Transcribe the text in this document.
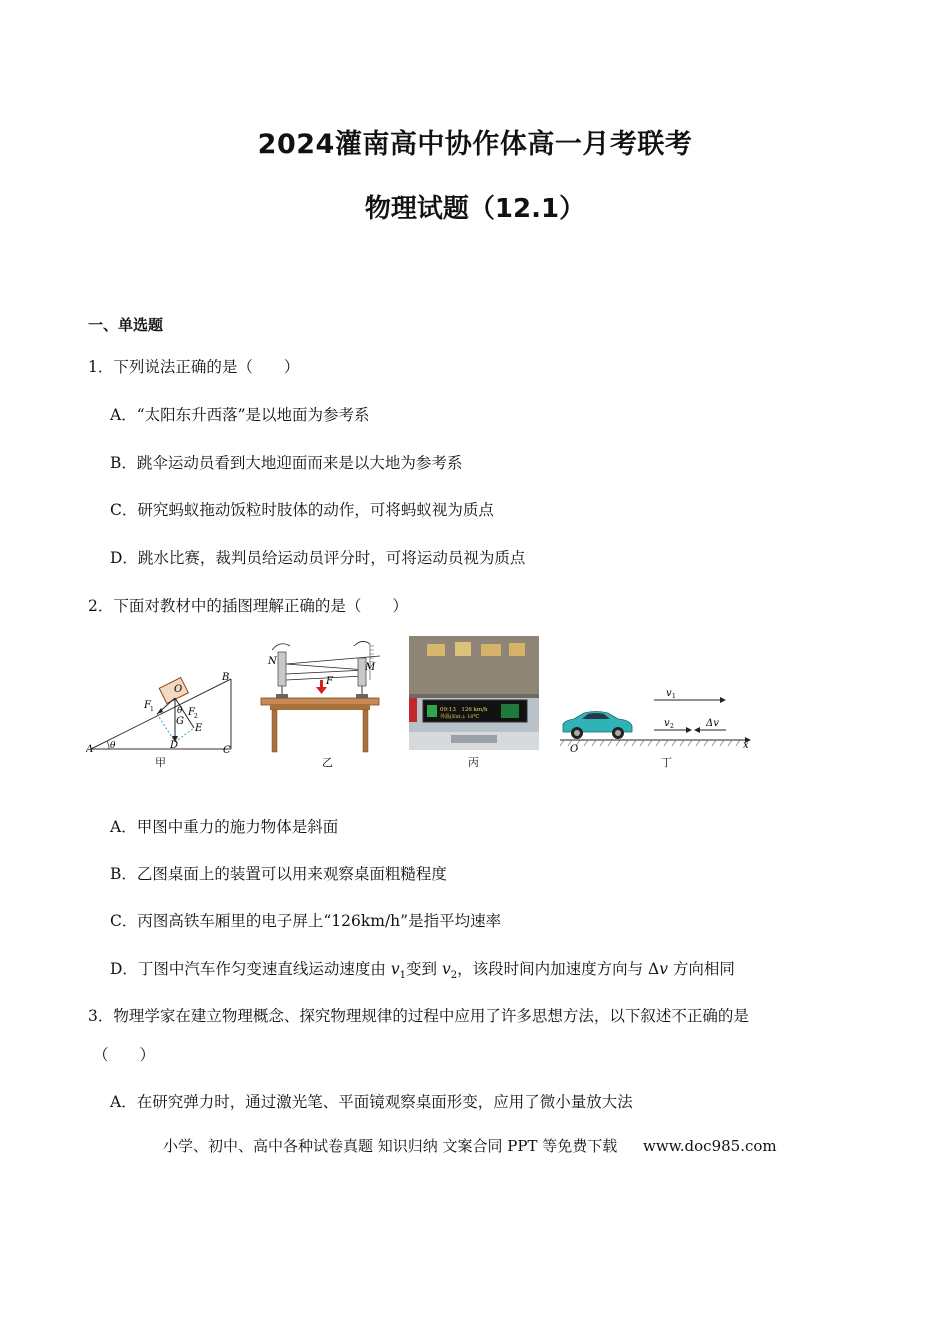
2024灌南高中协作体高一月考联考
物理试题（12.1）
一、单选题
1．下列说法正确的是（　　）
A．“太阳东升西落”是以地面为参考系
B．跳伞运动员看到大地迎面而来是以大地为参考系
C．研究蚂蚁拖动饭粒时肢体的动作，可将蚂蚁视为质点
D．跳水比赛，裁判员给运动员评分时，可将运动员视为质点
2．下面对教材中的插图理解正确的是（　　）
A
B
C
D
O
F 1	F 2
G
E
θ
θ
甲
N
M
F
乙
09:13　126 km/h
外温(Ext.): 10℃
丙
v 1
v 2	Δv
O	x
丁
A．甲图中重力的施力物体是斜面
B．乙图桌面上的装置可以用来观察桌面粗糙程度
C．丙图高铁车厢里的电子屏上“126km/h”是指平均速率
D．丁图中汽车作匀变速直线运动速度由 $v_1$变到 $v_2$，该段时间内加速度方向与 Δv 方向相同
3．物理学家在建立物理概念、探究物理规律的过程中应用了许多思想方法，以下叙述不正确的是
（　　）
A．在研究弹力时，通过激光笔、平面镜观察桌面形变，应用了微小量放大法
小学、初中、高中各种试卷真题 知识归纳 文案合同 PPT 等免费下载 www.doc985.com
